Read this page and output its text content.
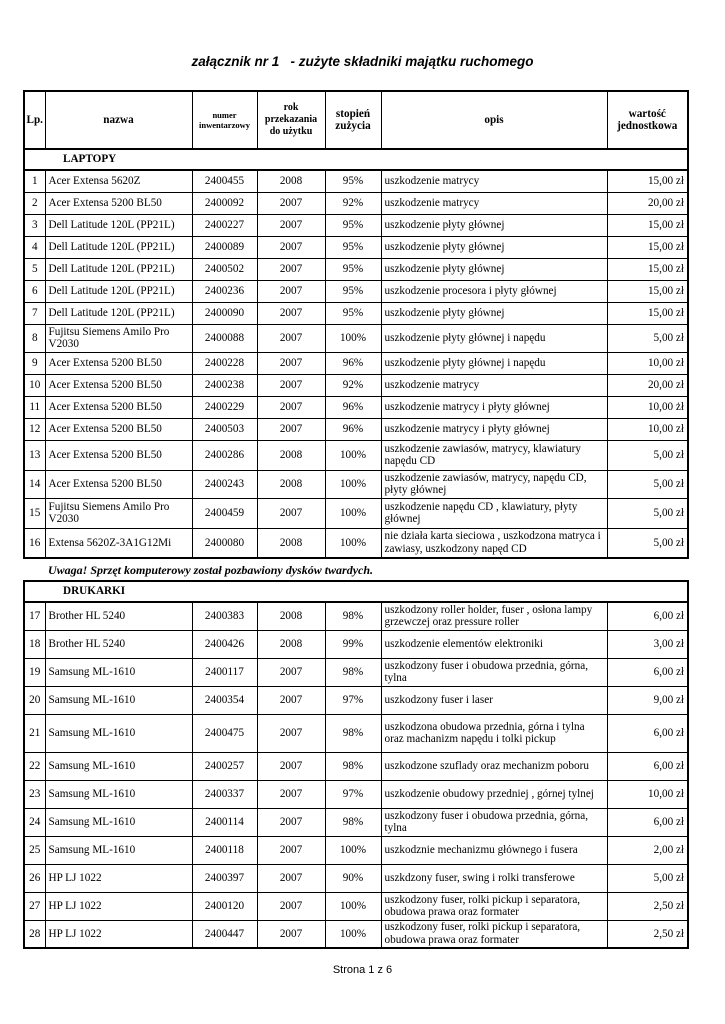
załącznik nr 1   - zużyte składniki majątku ruchomego
Lp.	nazwa	numer inwentarzowy	rok przekazania do użytku	stopień zużycia	opis	wartość jednostkowa
LAPTOPY						
1	Acer Extensa 5620Z	2400455	2008	95%	uszkodzenie matrycy	15,00 zł
2	Acer Extensa 5200 BL50	2400092	2007	92%	uszkodzenie matrycy	20,00 zł
3	Dell Latitude 120L (PP21L)	2400227	2007	95%	uszkodzenie płyty głównej	15,00 zł
4	Dell Latitude 120L (PP21L)	2400089	2007	95%	uszkodzenie płyty głównej	15,00 zł
5	Dell Latitude 120L (PP21L)	2400502	2007	95%	uszkodzenie płyty głównej	15,00 zł
6	Dell Latitude 120L (PP21L)	2400236	2007	95%	uszkodzenie procesora i płyty głównej	15,00 zł
7	Dell Latitude 120L (PP21L)	2400090	2007	95%	uszkodzenie płyty głównej	15,00 zł
8	Fujitsu Siemens Amilo Pro V2030	2400088	2007	100%	uszkodzenie płyty głównej i napędu	5,00 zł
9	Acer Extensa 5200 BL50	2400228	2007	96%	uszkodzenie płyty głównej i napędu	10,00 zł
10	Acer Extensa 5200 BL50	2400238	2007	92%	uszkodzenie matrycy	20,00 zł
11	Acer Extensa 5200 BL50	2400229	2007	96%	uszkodzenie matrycy i płyty głównej	10,00 żł
12	Acer Extensa 5200 BL50	2400503	2007	96%	uszkodzenie matrycy i płyty głównej	10,00 zł
13	Acer Extensa 5200 BL50	2400286	2008	100%	uszkodzenie zawiasów, matrycy, klawiatury napędu CD	5,00 zł
14	Acer Extensa 5200 BL50	2400243	2008	100%	uszkodzenie zawiasów, matrycy, napędu CD, płyty głównej	5,00 zł
15	Fujitsu Siemens Amilo Pro V2030	2400459	2007	100%	uszkodzenie napędu CD , klawiatury, płyty głównej	5,00 zł
16	Extensa 5620Z-3A1G12Mi	2400080	2008	100%	nie działa karta sieciowa , uszkodzona matryca i zawiasy, uszkodzony napęd CD	5,00 zł
Uwaga! Sprzęt komputerowy został pozbawiony dysków twardych.
DRUKARKI						
17	Brother HL 5240	2400383	2008	98%	uszkodzony roller holder, fuser , osłona lampy grzewczej oraz pressure roller	6,00 zł
18	Brother HL 5240	2400426	2008	99%	uszkodzenie elementów elektroniki	3,00 zł
19	Samsung ML-1610	2400117	2007	98%	uszkodzony fuser i obudowa przednia, górna, tylna	6,00 zł
20	Samsung ML-1610	2400354	2007	97%	uszkodzony fuser i laser	9,00 zł
21	Samsung ML-1610	2400475	2007	98%	uszkodzona obudowa przednia, górna i tylna oraz machanizm napędu i tolki pickup	6,00 zł
22	Samsung ML-1610	2400257	2007	98%	uszkodzone szuflady oraz mechanizm poboru	6,00 zł
23	Samsung ML-1610	2400337	2007	97%	uszkodzenie obudowy przedniej , górnej tylnej	10,00 zł
24	Samsung ML-1610	2400114	2007	98%	uszkodzony fuser i obudowa przednia, górna, tylna	6,00 zł
25	Samsung ML-1610	2400118	2007	100%	uszkodznie mechanizmu głównego i fusera	2,00 zł
26	HP LJ 1022	2400397	2007	90%	uszkdzony fuser, swing i rolki transferowe	5,00 zł
27	HP LJ 1022	2400120	2007	100%	uszkodzony fuser, rolki pickup i separatora, obudowa prawa oraz formater	2,50 zł
28	HP LJ 1022	2400447	2007	100%	uszkodzony fuser, rolki pickup i separatora, obudowa prawa oraz formater	2,50 zł
Strona 1 z 6
